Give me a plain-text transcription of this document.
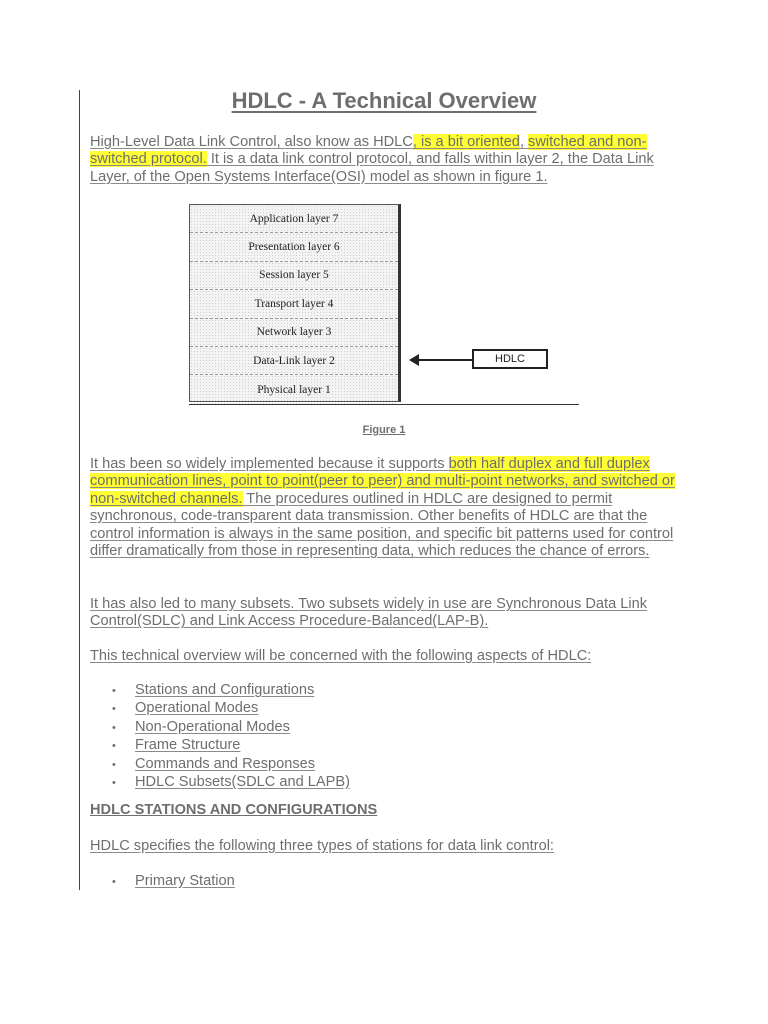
HDLC - A Technical Overview

High-Level Data Link Control, also know as HDLC, is a bit oriented, switched and non-switched protocol. It is a data link control protocol, and falls within layer 2, the Data Link Layer, of the Open Systems Interface(OSI) model as shown in figure 1.

Application layer 7
Presentation layer 6
Session layer 5
Transport layer 4
Network layer 3
Data-Link layer 2
Physical layer 1
HDLC

Figure 1

It has been so widely implemented because it supports both half duplex and full duplex communication lines, point to point(peer to peer) and multi-point networks, and switched or non-switched channels. The procedures outlined in HDLC are designed to permit synchronous, code-transparent data transmission. Other benefits of HDLC are that the control information is always in the same position, and specific bit patterns used for control differ dramatically from those in representing data, which reduces the chance of errors.

It has also led to many subsets. Two subsets widely in use are Synchronous Data Link Control(SDLC) and Link Access Procedure-Balanced(LAP-B).

This technical overview will be concerned with the following aspects of HDLC:

• Stations and Configurations
• Operational Modes
• Non-Operational Modes
• Frame Structure
• Commands and Responses
• HDLC Subsets(SDLC and LAPB)
HDLC STATIONS AND CONFIGURATIONS

HDLC specifies the following three types of stations for data link control:

• Primary Station
